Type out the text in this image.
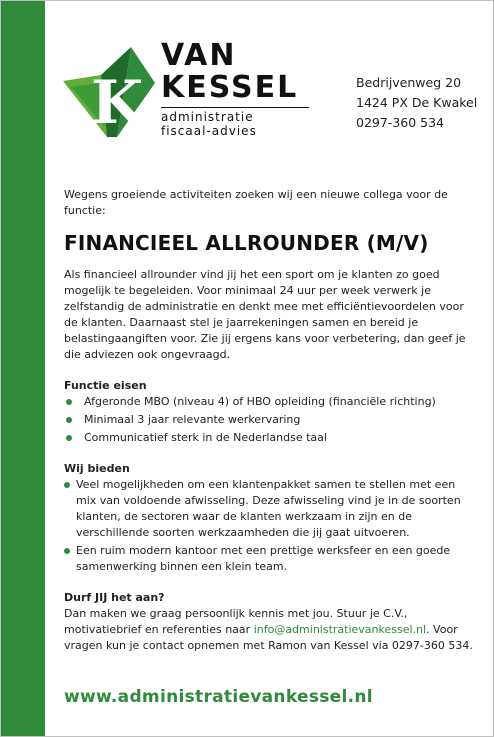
K
VAN
KESSEL
administratie
fiscaal-advies
Bedrijvenweg 20
1424 PX De Kwakel
0297-360 534

Wegens groeiende activiteiten zoeken wij een nieuwe collega voor de functie:

FINANCIEEL ALLROUNDER (M/V)

Als financieel allrounder vind jij het een sport om je klanten zo goed mogelijk te begeleiden. Voor minimaal 24 uur per week verwerk je zelfstandig de administratie en denkt mee met efficiëntievoordelen voor de klanten. Daarnaast stel je jaarrekeningen samen en bereid je belastingaangiften voor. Zie jij ergens kans voor verbetering, dan geef je die adviezen ook ongevraagd.

Functie eisen
Afgeronde MBO (niveau 4) of HBO opleiding (financiële richting)
Minimaal 3 jaar relevante werkervaring
Communicatief sterk in de Nederlandse taal
Wij bieden
Veel mogelijkheden om een klantenpakket samen te stellen met een mix van voldoende afwisseling. Deze afwisseling vind je in de soorten klanten, de sectoren waar de klanten werkzaam in zijn en de verschillende soorten werkzaamheden die jij gaat uitvoeren.
Een ruim modern kantoor met een prettige werksfeer en een goede samenwerking binnen een klein team.
Durf JIJ het aan?

Dan maken we graag persoonlijk kennis met jou. Stuur je C.V., motivatiebrief en referenties naar info@administratievankessel.nl. Voor vragen kun je contact opnemen met Ramon van Kessel via 0297-360 534.

www.administratievankessel.nl
